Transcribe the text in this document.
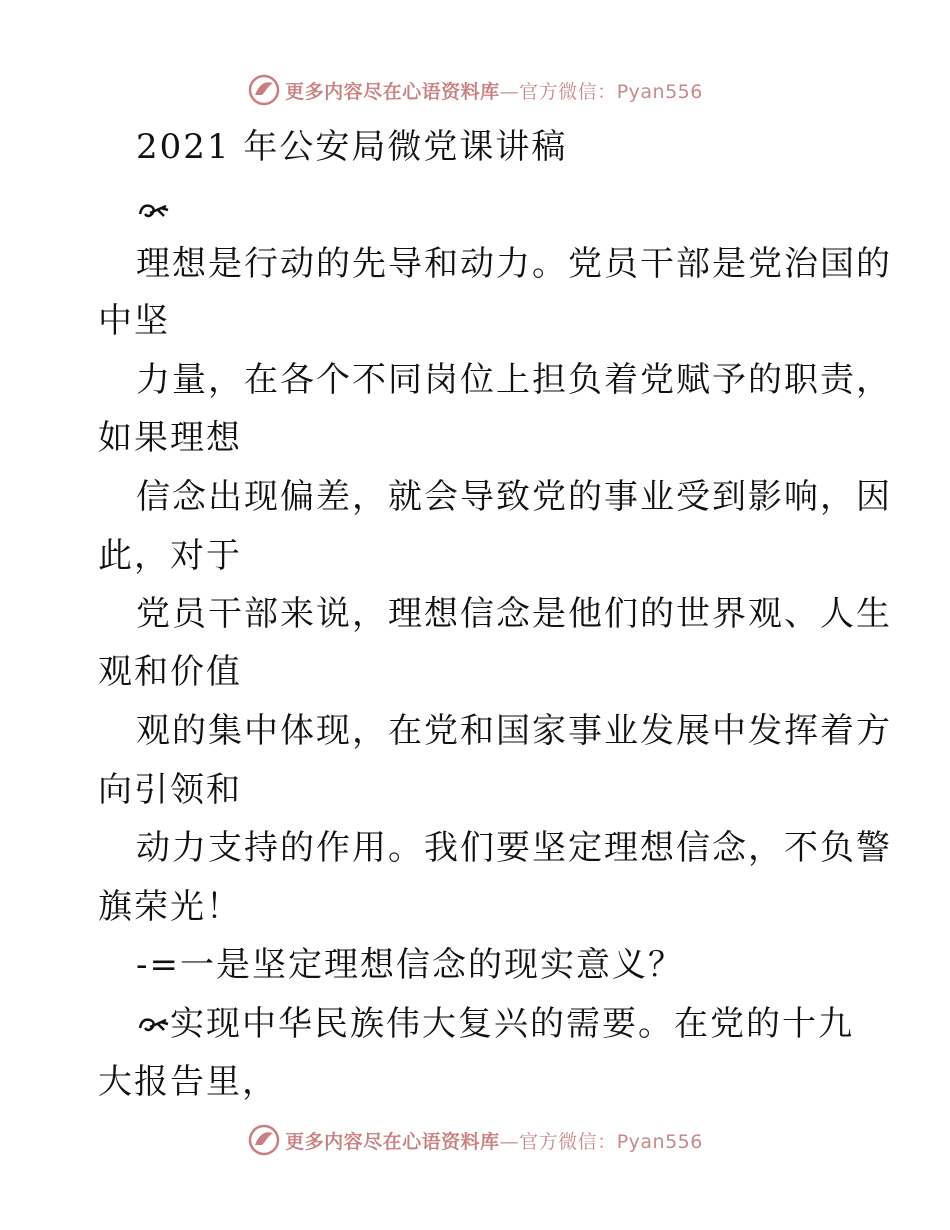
更多内容尽在心语资料库—官方微信：Pyan556
2021 年公安局微党课讲稿
理想是行动的先导和动力。党员干部是党治国的
中坚
力量，在各个不同岗位上担负着党赋予的职责，
如果理想
信念出现偏差，就会导致党的事业受到影响，因
此，对于
党员干部来说，理想信念是他们的世界观、人生
观和价值
观的集中体现，在党和国家事业发展中发挥着方
向引领和
动力支持的作用。我们要坚定理想信念，不负警
旗荣光！
-=一是坚定理想信念的现实意义？
实现中华民族伟大复兴的需要。在党的十九
大报告里，
更多内容尽在心语资料库—官方微信：Pyan556
